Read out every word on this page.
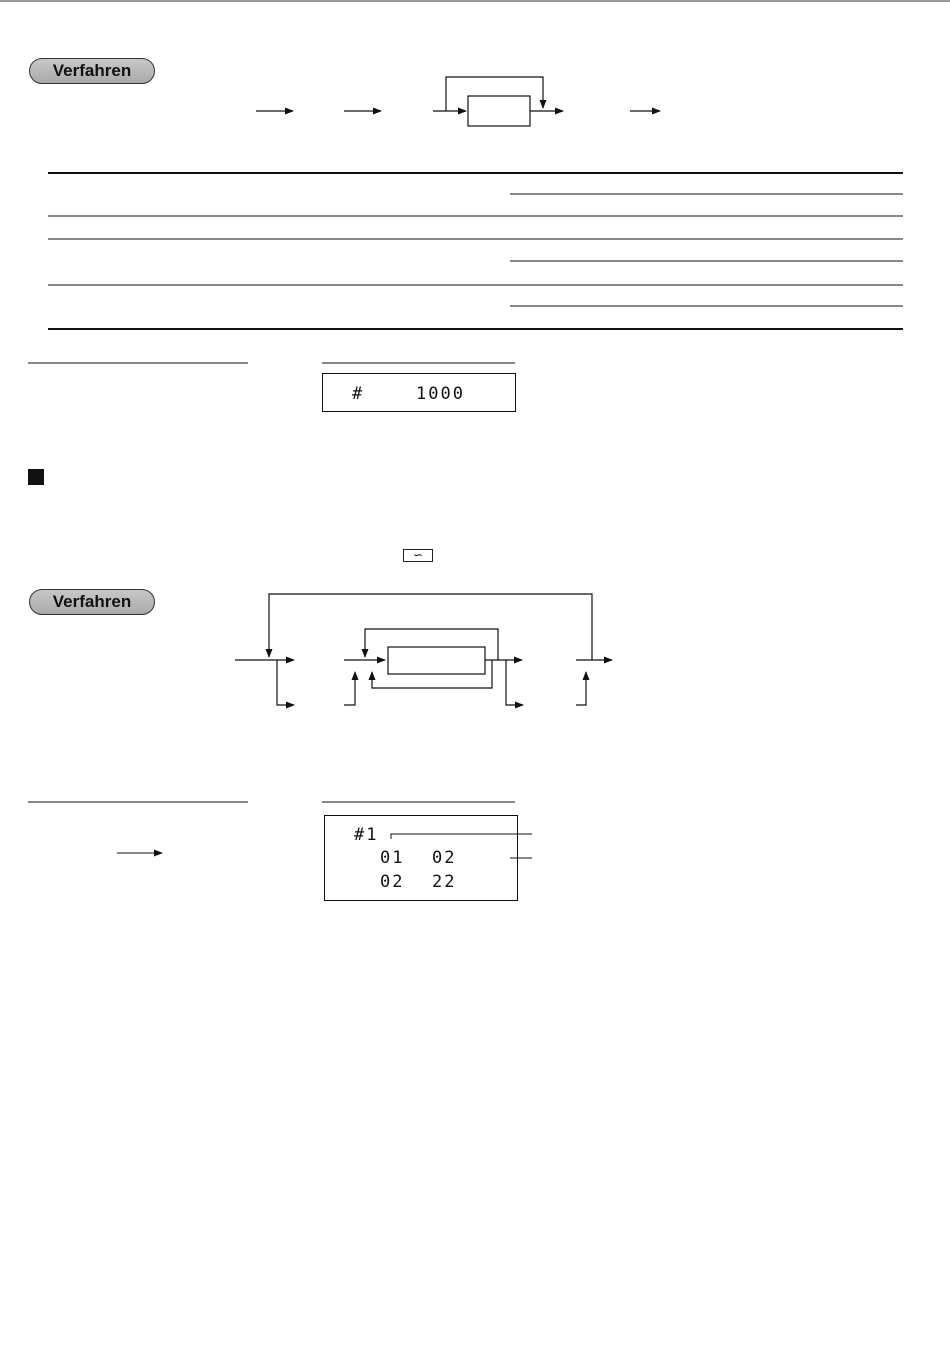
Verfahren
#	1000
∽
Verfahren
#1
01 02
02 22
